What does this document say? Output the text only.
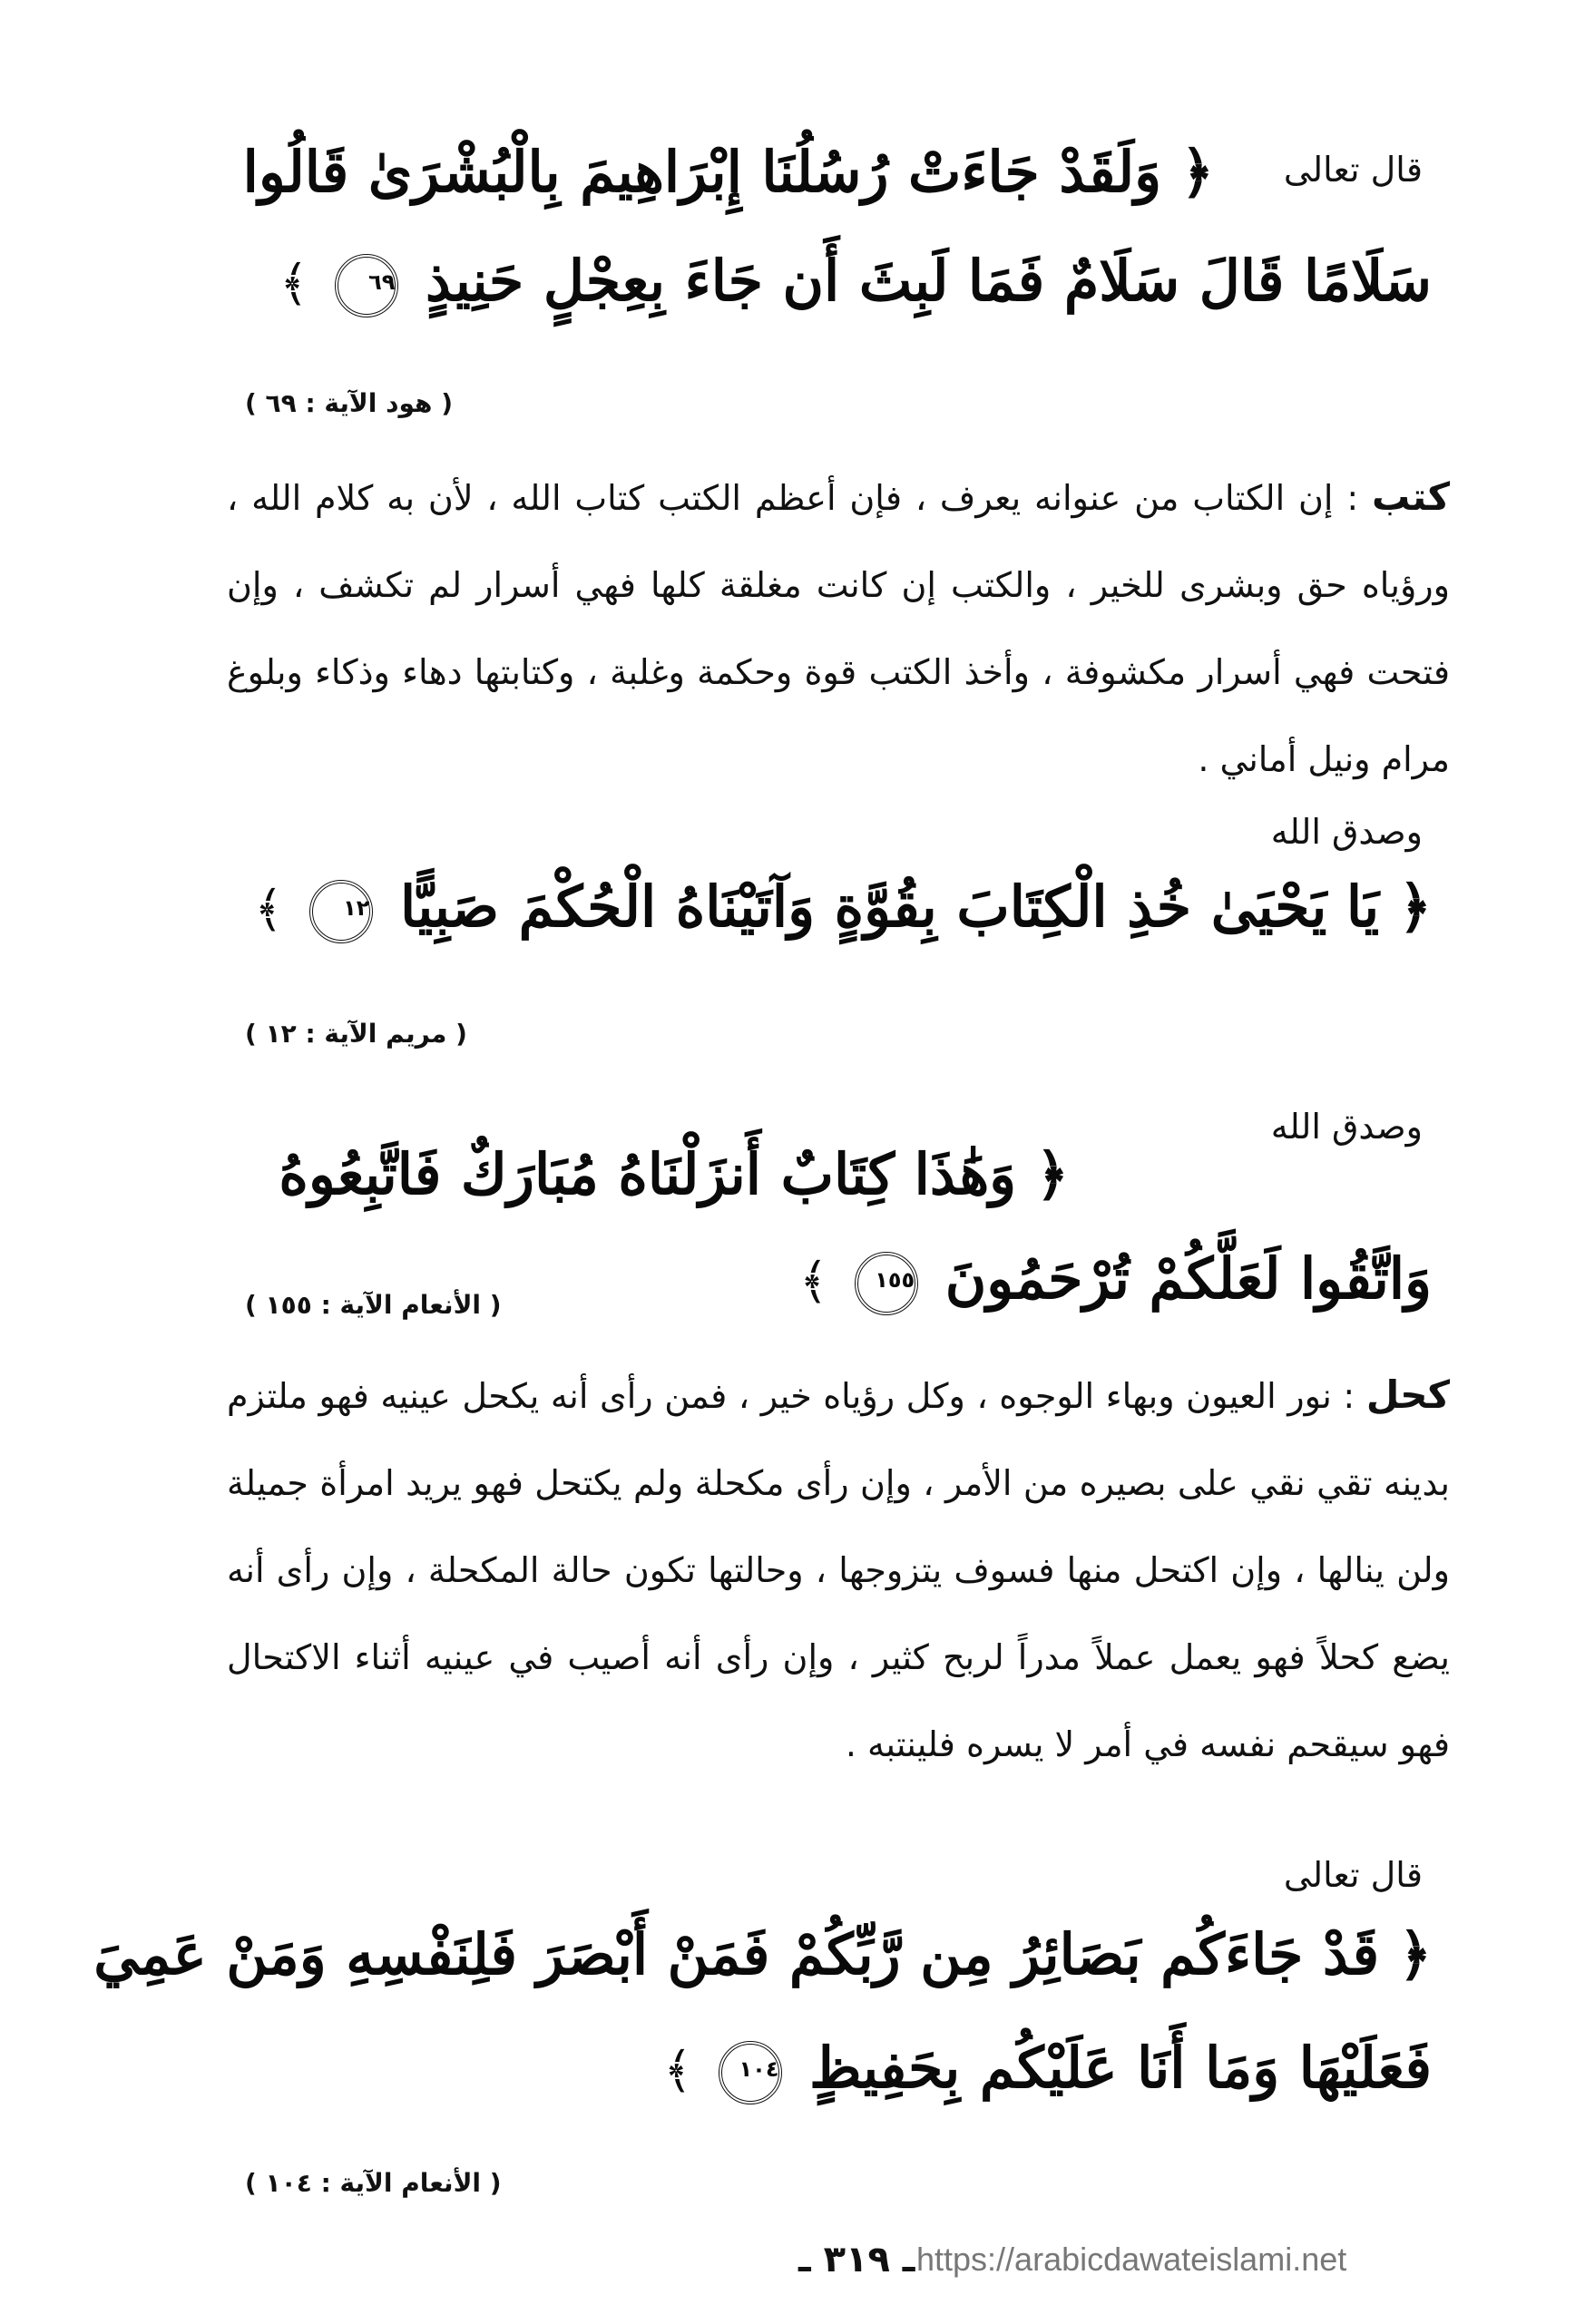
قال تعالى
﴿ وَلَقَدْ جَاءَتْ رُسُلُنَا إِبْرَاهِيمَ بِالْبُشْرَىٰ قَالُوا
سَلَامًا قَالَ سَلَامٌ فَمَا لَبِثَ أَن جَاءَ بِعِجْلٍ حَنِيذٍ ٦٩ ﴾
( هود الآية : ٦٩ )
كتب : إن الكتاب من عنوانه يعرف ، فإن أعظم الكتب كتاب الله ، لأن به كلام الله ، ورؤياه حق وبشرى للخير ، والكتب إن كانت مغلقة كلها فهي أسرار لم تكشف ، وإن فتحت فهي أسرار مكشوفة ، وأخذ الكتب قوة وحكمة وغلبة ، وكتابتها دهاء وذكاء وبلوغ مرام ونيل أماني .
وصدق الله
﴿ يَا يَحْيَىٰ خُذِ الْكِتَابَ بِقُوَّةٍ وَآتَيْنَاهُ الْحُكْمَ صَبِيًّا ١٢ ﴾
( مريم الآية : ١٢ )
وصدق الله
﴿ وَهَٰذَا كِتَابٌ أَنزَلْنَاهُ مُبَارَكٌ فَاتَّبِعُوهُ
وَاتَّقُوا لَعَلَّكُمْ تُرْحَمُونَ ١٥٥ ﴾
( الأنعام الآية : ١٥٥ )
كحل : نور العيون وبهاء الوجوه ، وكل رؤياه خير ، فمن رأى أنه يكحل عينيه فهو ملتزم بدينه تقي نقي على بصيره من الأمر ، وإن رأى مكحلة ولم يكتحل فهو يريد امرأة جميلة ولن ينالها ، وإن اكتحل منها فسوف يتزوجها ، وحالتها تكون حالة المكحلة ، وإن رأى أنه يضع كحلاً فهو يعمل عملاً مدراً لربح كثير ، وإن رأى أنه أصيب في عينيه أثناء الاكتحال فهو سيقحم نفسه في أمر لا يسره فلينتبه .
قال تعالى
﴿ قَدْ جَاءَكُم بَصَائِرُ مِن رَّبِّكُمْ فَمَنْ أَبْصَرَ فَلِنَفْسِهِ وَمَنْ عَمِيَ
فَعَلَيْهَا وَمَا أَنَا عَلَيْكُم بِحَفِيظٍ ١٠٤ ﴾
( الأنعام الآية : ١٠٤ )
ـ ٣١٩ ـ https://arabicdawateislami.net
